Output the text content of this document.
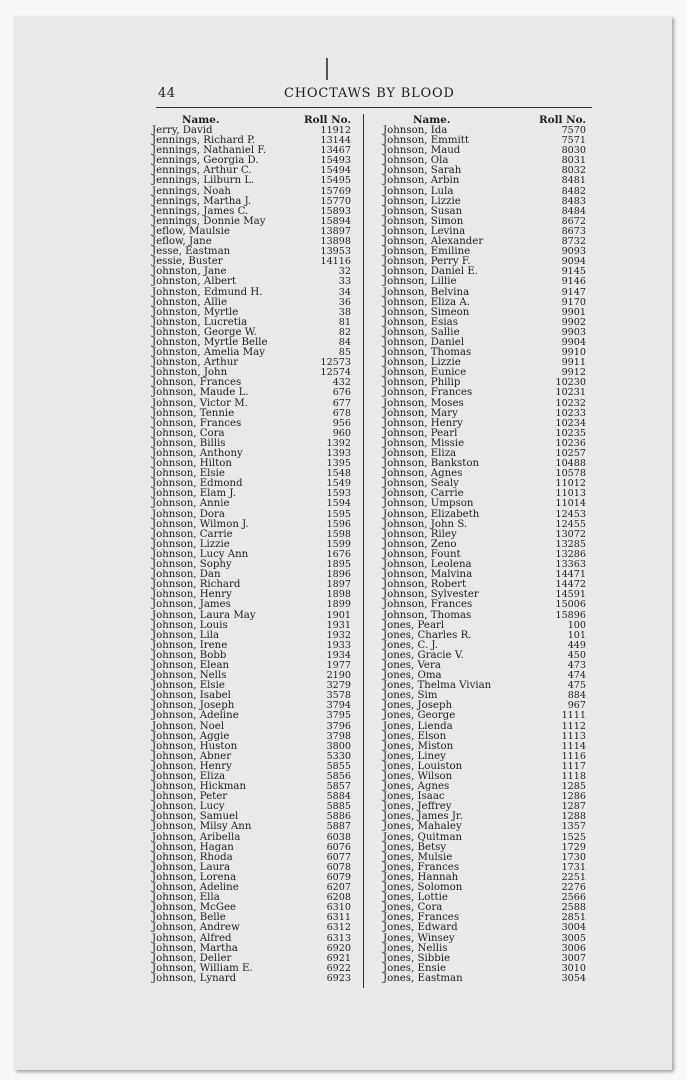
44	CHOCTAWS BY BLOOD
Name.	Roll No.
Jerry, David	11912
Jennings, Richard P.	13144
Jennings, Nathaniel F.	13467
Jennings, Georgia D.	15493
Jennings, Arthur C.	15494
Jennings, Lilburn L.	15495
Jennings, Noah	15769
Jennings, Martha J.	15770
Jennings, James C.	15893
Jennings, Donnie May	15894
Jeflow, Maulsie	13897
Jeflow, Jane	13898
Jesse, Eastman	13953
Jessie, Buster	14116
Johnston, Jane	32
Johnston, Albert	33
Johnston, Edmund H.	34
Johnston, Allie	36
Johnston, Myrtle	38
Johnston, Lucretia	81
Johnston, George W.	82
Johnston, Myrtle Belle	84
Johnston, Amelia May	85
Johnston, Arthur	12573
Johnston, John	12574
Johnson, Frances	432
Johnson, Maude L.	676
Johnson, Victor M.	677
Johnson, Tennie	678
Johnson, Frances	956
Johnson, Cora	960
Johnson, Billis	1392
Johnson, Anthony	1393
Johnson, Hilton	1395
Johnson, Elsie	1548
Johnson, Edmond	1549
Johnson, Elam J.	1593
Johnson, Annie	1594
Johnson, Dora	1595
Johnson, Wilmon J.	1596
Johnson, Carrie	1598
Johnson, Lizzie	1599
Johnson, Lucy Ann	1676
Johnson, Sophy	1895
Johnson, Dan	1896
Johnson, Richard	1897
Johnson, Henry	1898
Johnson, James	1899
Johnson, Laura May	1901
Johnson, Louis	1931
Johnson, Lila	1932
Johnson, Irene	1933
Johnson, Bobb	1934
Johnson, Elean	1977
Johnson, Nells	2190
Johnson, Elsie	3279
Johnson, Isabel	3578
Johnson, Joseph	3794
Johnson, Adeline	3795
Johnson, Noel	3796
Johnson, Aggie	3798
Johnson, Huston	3800
Johnson, Abner	5330
Johnson, Henry	5855
Johnson, Eliza	5856
Johnson, Hickman	5857
Johnson, Peter	5884
Johnson, Lucy	5885
Johnson, Samuel	5886
Johnson, Milsy Ann	5887
Johnson, Aribella	6038
Johnson, Hagan	6076
Johnson, Rhoda	6077
Johnson, Laura	6078
Johnson, Lorena	6079
Johnson, Adeline	6207
Johnson, Ella	6208
Johnson, McGee	6310
Johnson, Belle	6311
Johnson, Andrew	6312
Johnson, Alfred	6313
Johnson, Martha	6920
Johnson, Deller	6921
Johnson, William E.	6922
Johnson, Lynard	6923
Name.	Roll No.
Johnson, Ida	7570
Johnson, Emmitt	7571
Johnson, Maud	8030
Johnson, Ola	8031
Johnson, Sarah	8032
Johnson, Arbin	8481
Johnson, Lula	8482
Johnson, Lizzie	8483
Johnson, Susan	8484
Johnson, Simon	8672
Johnson, Levina	8673
Johnson, Alexander	8732
Johnson, Emiline	9093
Johnson, Perry F.	9094
Johnson, Daniel E.	9145
Johnson, Lillie	9146
Johnson, Belvina	9147
Johnson, Eliza A.	9170
Johnson, Simeon	9901
Johnson, Esias	9902
Johnson, Sallie	9903
Johnson, Daniel	9904
Johnson, Thomas	9910
Johnson, Lizzie	9911
Johnson, Eunice	9912
Johnson, Philip	10230
Johnson, Frances	10231
Johnson, Moses	10232
Johnson, Mary	10233
Johnson, Henry	10234
Johnson, Pearl	10235
Johnson, Missie	10236
Johnson, Eliza	10257
Johnson, Bankston	10488
Johnson, Agnes	10578
Johnson, Sealy	11012
Johnson, Carrie	11013
Johnson, Umpson	11014
Johnson, Elizabeth	12453
Johnson, John S.	12455
Johnson, Riley	13072
Johnson, Zeno	13285
Johnson, Fount	13286
Johnson, Leolena	13363
Johnson, Malvina	14471
Johnson, Robert	14472
Johnson, Sylvester	14591
Johnson, Frances	15006
Johnson, Thomas	15896
Jones, Pearl	100
Jones, Charles R.	101
Jones, C. J.	449
Jones, Gracie V.	450
Jones, Vera	473
Jones, Oma	474
Jones, Thelma Vivian	475
Jones, Sim	884
Jones, Joseph	967
Jones, George	1111
Jones, Lienda	1112
Jones, Elson	1113
Jones, Miston	1114
Jones, Liney	1116
Jones, Louiston	1117
Jones, Wilson	1118
Jones, Agnes	1285
Jones, Isaac	1286
Jones, Jeffrey	1287
Jones, James Jr.	1288
Jones, Mahaley	1357
Jones, Quitman	1525
Jones, Betsy	1729
Jones, Mulsie	1730
Jones, Frances	1731
Jones, Hannah	2251
Jones, Solomon	2276
Jones, Lottie	2566
Jones, Cora	2588
Jones, Frances	2851
Jones, Edward	3004
Jones, Winsey	3005
Jones, Nellis	3006
Jones, Sibbie	3007
Jones, Ensie	3010
Jones, Eastman	3054
